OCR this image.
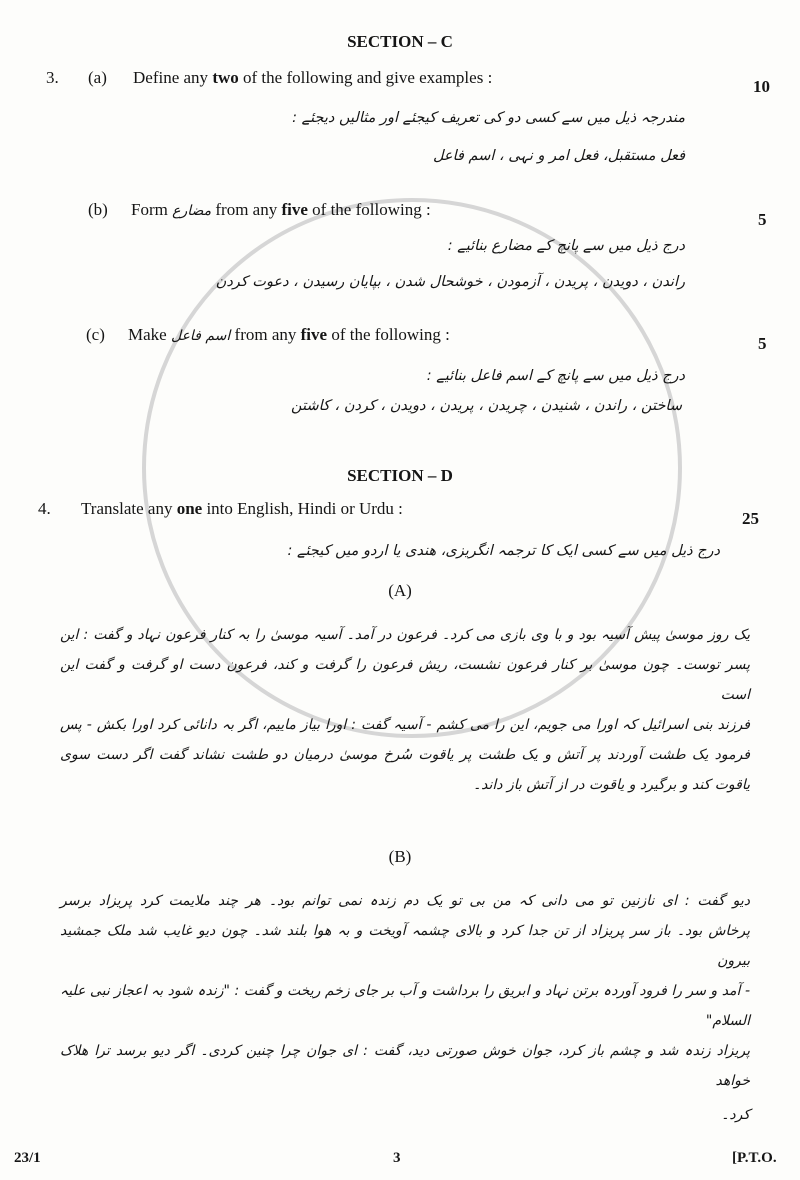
SECTION – C
3. (a) Define any two of the following and give examples :	10
مندرجہ ذیل میں سے کسی دو کی تعریف کیجئے اور مثالیں دیجئے :
فعل مستقبل، فعل امر و نہی ، اسم فاعل
(b) Form مضارع from any five of the following :
5
درج ذیل میں سے پانچ کے مضارع بنائیے :
راندن ، دویدن ، پریدن ، آزمودن ، خوشحال شدن ، بپایان رسیدن ، دعوت کردن
(c) Make اسم فاعل from any five of the following :	5
درج ذیل میں سے پانچ کے اسم فاعل بنائیے :
ساختن ، راندن ، شنیدن ، چریدن ، پریدن ، دویدن ، کردن ، کاشتن
SECTION – D
4. Translate any one into English, Hindi or Urdu :
25
درج ذیل میں سے کسی ایک کا ترجمہ انگریزی، ھندی یا اردو میں کیجئے :
(A)
یک روز موسیٰ پیش آسیہ بود و با وی بازی می کرد۔ فرعون در آمد۔ آسیہ موسیٰ را بہ کنار فرعون نہاد و گفت : این
پسر توست۔ چون موسیٰ بر کنار فرعون نشست، ریش فرعون را گرفت و کند، فرعون دست او گرفت و گفت این است
فرزند بنی اسرائیل کہ اورا می جویم، این را می کشم - آسیہ گفت : اورا بیاز ماییم، اگر بہ دانائی کرد اورا بکش - پس
فرمود یک طشت آوردند پر آتش و یک طشت پر یاقوت سُرخ موسیٰ درمیان دو طشت نشاند گفت اگر دست سوی
یاقوت کند و برگیرد و یاقوت در از آتش باز داند۔
(B)
دیو گفت : ای نازنین تو می دانی کہ من بی تو یک دم زندہ نمی توانم بود۔ ھر چند ملایمت کرد پریزاد برسر
پرخاش بود۔ باز سر پریزاد از تن جدا کرد و بالای چشمہ آویخت و بہ ھوا بلند شد۔ چون دیو غایب شد ملک جمشید بیرون
- آمد و سر را فرود آوردہ برتن نہاد و ابریق را برداشت و آب بر جای زخم ریخت و گفت : "زندہ شود بہ اعجاز نبی علیہ السلام"
پریزاد زندہ شد و چشم باز کرد، جوان خوش صورتی دید، گفت : ای جوان چرا چنین کردی۔ اگر دیو برسد ترا ھلاک خواھد
کرد۔
23/1	3	[P.T.O.
